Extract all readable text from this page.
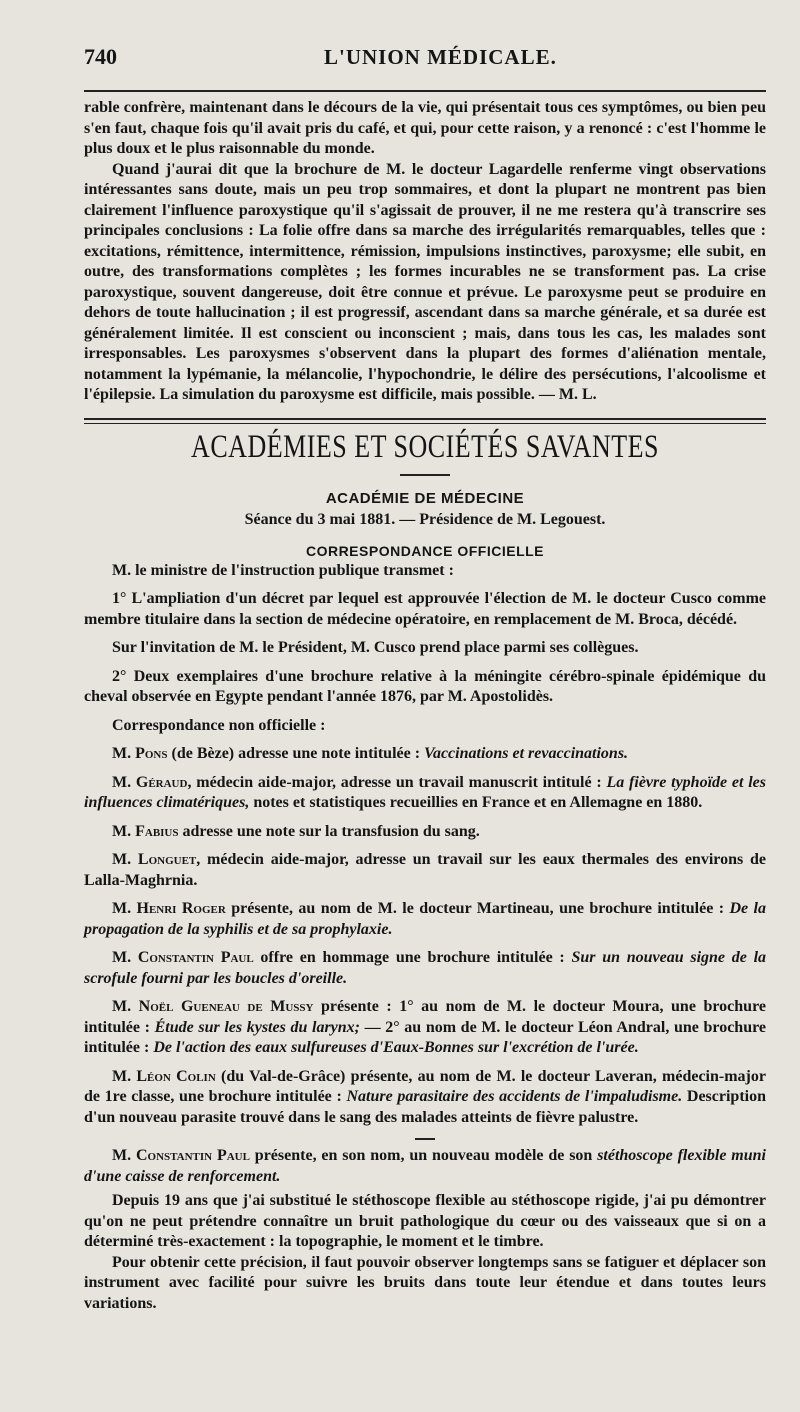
740	L'UNION MÉDICALE.

rable confrère, maintenant dans le décours de la vie, qui présentait tous ces symptômes, ou bien peu s'en faut, chaque fois qu'il avait pris du café, et qui, pour cette raison, y a renoncé : c'est l'homme le plus doux et le plus raisonnable du monde.

Quand j'aurai dit que la brochure de M. le docteur Lagardelle renferme vingt observations intéressantes sans doute, mais un peu trop sommaires, et dont la plupart ne montrent pas bien clairement l'influence paroxystique qu'il s'agissait de prouver, il ne me restera qu'à transcrire ses principales conclusions : La folie offre dans sa marche des irrégularités remarquables, telles que : excitations, rémittence, intermittence, rémission, impulsions instinctives, paroxysme; elle subit, en outre, des transformations complètes ; les formes incurables ne se transforment pas. La crise paroxystique, souvent dangereuse, doit être connue et prévue. Le paroxysme peut se produire en dehors de toute hallucination ; il est progressif, ascendant dans sa marche générale, et sa durée est généralement limitée. Il est conscient ou inconscient ; mais, dans tous les cas, les malades sont irresponsables. Les paroxysmes s'observent dans la plupart des formes d'aliénation mentale, notamment la lypémanie, la mélancolie, l'hypochondrie, le délire des persécutions, l'alcoolisme et l'épilepsie. La simulation du paroxysme est difficile, mais possible. — M. L.

ACADÉMIES ET SOCIÉTÉS SAVANTES
ACADÉMIE DE MÉDECINE
Séance du 3 mai 1881. — Présidence de M. Legouest.
CORRESPONDANCE OFFICIELLE

M. le ministre de l'instruction publique transmet :

1° L'ampliation d'un décret par lequel est approuvée l'élection de M. le docteur Cusco comme membre titulaire dans la section de médecine opératoire, en remplacement de M. Broca, décédé.

Sur l'invitation de M. le Président, M. Cusco prend place parmi ses collègues.

2° Deux exemplaires d'une brochure relative à la méningite cérébro-spinale épidémique du cheval observée en Egypte pendant l'année 1876, par M. Apostolidès.

Correspondance non officielle :

M. Pons (de Bèze) adresse une note intitulée : Vaccinations et revaccinations.

M. Géraud, médecin aide-major, adresse un travail manuscrit intitulé : La fièvre typhoïde et les influences climatériques, notes et statistiques recueillies en France et en Allemagne en 1880.

M. Fabius adresse une note sur la transfusion du sang.

M. Longuet, médecin aide-major, adresse un travail sur les eaux thermales des environs de Lalla-Maghrnia.

M. Henri Roger présente, au nom de M. le docteur Martineau, une brochure intitulée : De la propagation de la syphilis et de sa prophylaxie.

M. Constantin Paul offre en hommage une brochure intitulée : Sur un nouveau signe de la scrofule fourni par les boucles d'oreille.

M. Noël Gueneau de Mussy présente : 1° au nom de M. le docteur Moura, une brochure intitulée : Étude sur les kystes du larynx; — 2° au nom de M. le docteur Léon Andral, une brochure intitulée : De l'action des eaux sulfureuses d'Eaux-Bonnes sur l'excrétion de l'urée.

M. Léon Colin (du Val-de-Grâce) présente, au nom de M. le docteur Laveran, médecin-major de 1re classe, une brochure intitulée : Nature parasitaire des accidents de l'impaludisme. Description d'un nouveau parasite trouvé dans le sang des malades atteints de fièvre palustre.

M. Constantin Paul présente, en son nom, un nouveau modèle de son stéthoscope flexible muni d'une caisse de renforcement.

Depuis 19 ans que j'ai substitué le stéthoscope flexible au stéthoscope rigide, j'ai pu démontrer qu'on ne peut prétendre connaître un bruit pathologique du cœur ou des vaisseaux que si on a déterminé très-exactement : la topographie, le moment et le timbre.

Pour obtenir cette précision, il faut pouvoir observer longtemps sans se fatiguer et déplacer son instrument avec facilité pour suivre les bruits dans toute leur étendue et dans toutes leurs variations.
